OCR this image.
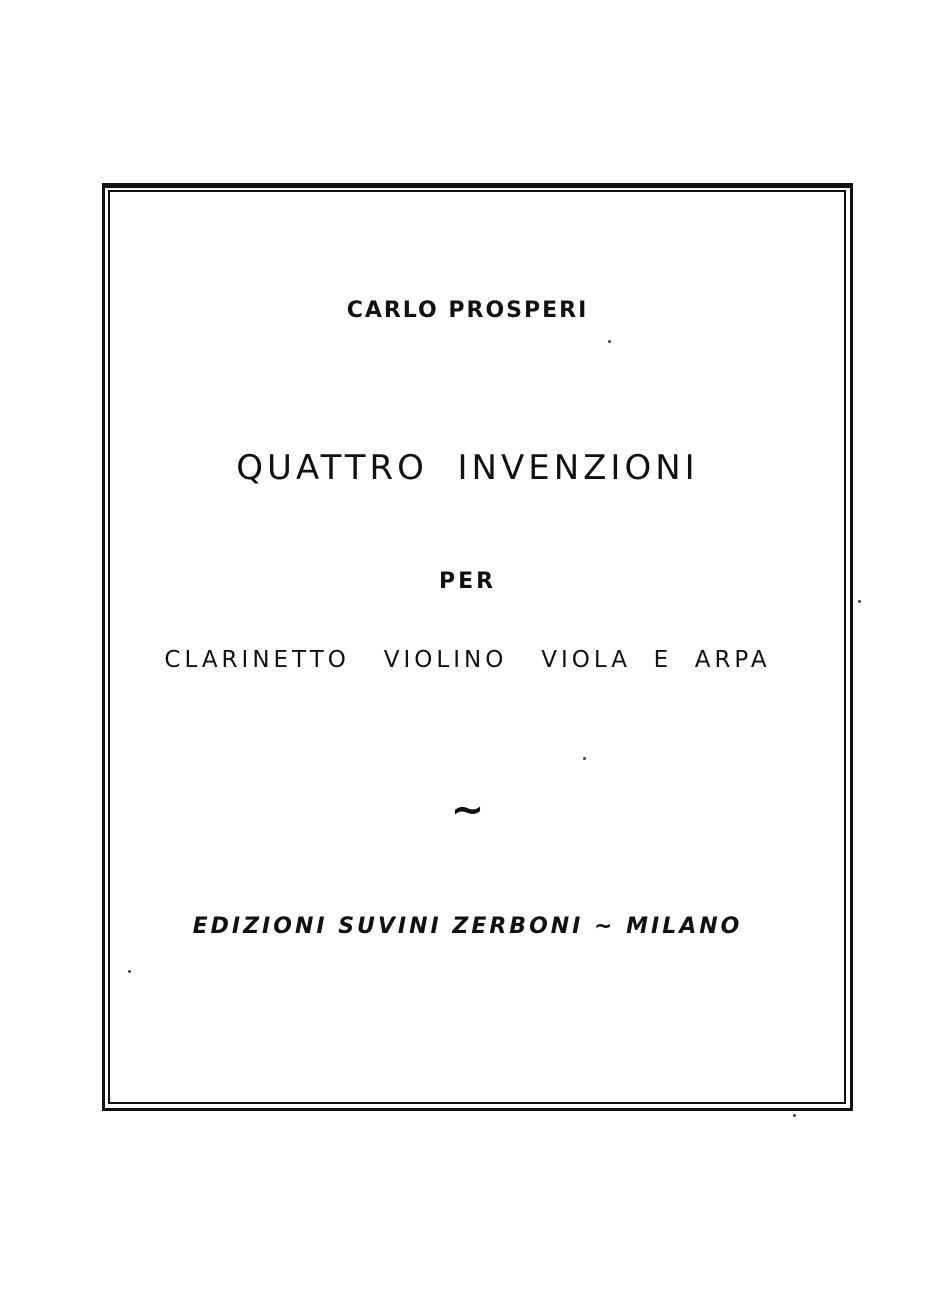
CARLO PROSPERI

QUATTRO  INVENZIONI

PER

CLARINETTO   VIOLINO   VIOLA  E  ARPA

~

EDIZIONI SUVINI ZERBONI ~ MILANO
